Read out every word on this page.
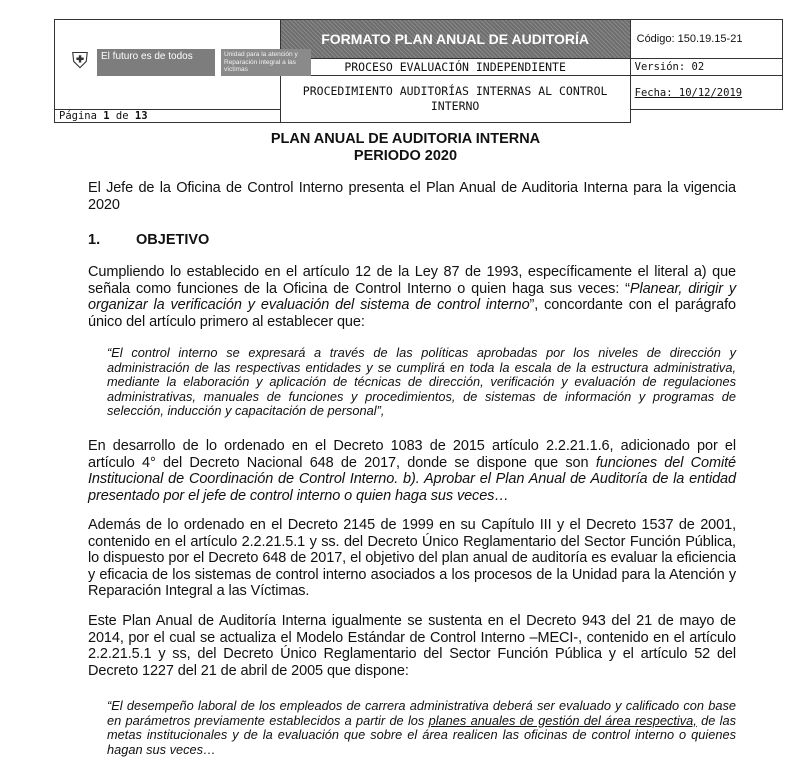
⛨ El futuro es de todos Unidad para la atención y Reparación integral a las víctimas	FORMATO PLAN ANUAL DE AUDITORÍA	Código: 150.19.15-21
	PROCESO EVALUACIÓN INDEPENDIENTE	Versión: 02
	PROCEDIMIENTO AUDITORÍAS INTERNAS AL CONTROL INTERNO	Fecha: 10/12/2019
Página 1 de 13		

PLAN ANUAL DE AUDITORIA INTERNA

PERIODO 2020

El Jefe de la Oficina de Control Interno presenta el Plan Anual de Auditoria Interna para la vigencia 2020

1. OBJETIVO

Cumpliendo lo establecido en el artículo 12 de la Ley 87 de 1993, específicamente el literal a) que señala como funciones de la Oficina de Control Interno o quien haga sus veces: “Planear, dirigir y organizar la verificación y evaluación del sistema de control interno”, concordante con el parágrafo único del artículo primero al establecer que:

“El control interno se expresará a través de las políticas aprobadas por los niveles de dirección y administración de las respectivas entidades y se cumplirá en toda la escala de la estructura administrativa, mediante la elaboración y aplicación de técnicas de dirección, verificación y evaluación de regulaciones administrativas, manuales de funciones y procedimientos, de sistemas de información y programas de selección, inducción y capacitación de personal”,

En desarrollo de lo ordenado en el Decreto 1083 de 2015 artículo 2.2.21.1.6, adicionado por el artículo 4° del Decreto Nacional 648 de 2017, donde se dispone que son funciones del Comité Institucional de Coordinación de Control Interno. b). Aprobar el Plan Anual de Auditoría de la entidad presentado por el jefe de control interno o quien haga sus veces…

Además de lo ordenado en el Decreto 2145 de 1999 en su Capítulo III y el Decreto 1537 de 2001, contenido en el artículo 2.2.21.5.1 y ss. del Decreto Único Reglamentario del Sector Función Pública, lo dispuesto por el Decreto 648 de 2017, el objetivo del plan anual de auditoría es evaluar la eficiencia y eficacia de los sistemas de control interno asociados a los procesos de la Unidad para la Atención y Reparación Integral a las Víctimas.

Este Plan Anual de Auditoría Interna igualmente se sustenta en el Decreto 943 del 21 de mayo de 2014, por el cual se actualiza el Modelo Estándar de Control Interno –MECI-, contenido en el artículo 2.2.21.5.1 y ss, del Decreto Único Reglamentario del Sector Función Pública y el artículo 52 del Decreto 1227 del 21 de abril de 2005 que dispone:

“El desempeño laboral de los empleados de carrera administrativa deberá ser evaluado y calificado con base en parámetros previamente establecidos a partir de los planes anuales de gestión del área respectiva, de las metas institucionales y de la evaluación que sobre el área realicen las oficinas de control interno o quienes hagan sus veces…
